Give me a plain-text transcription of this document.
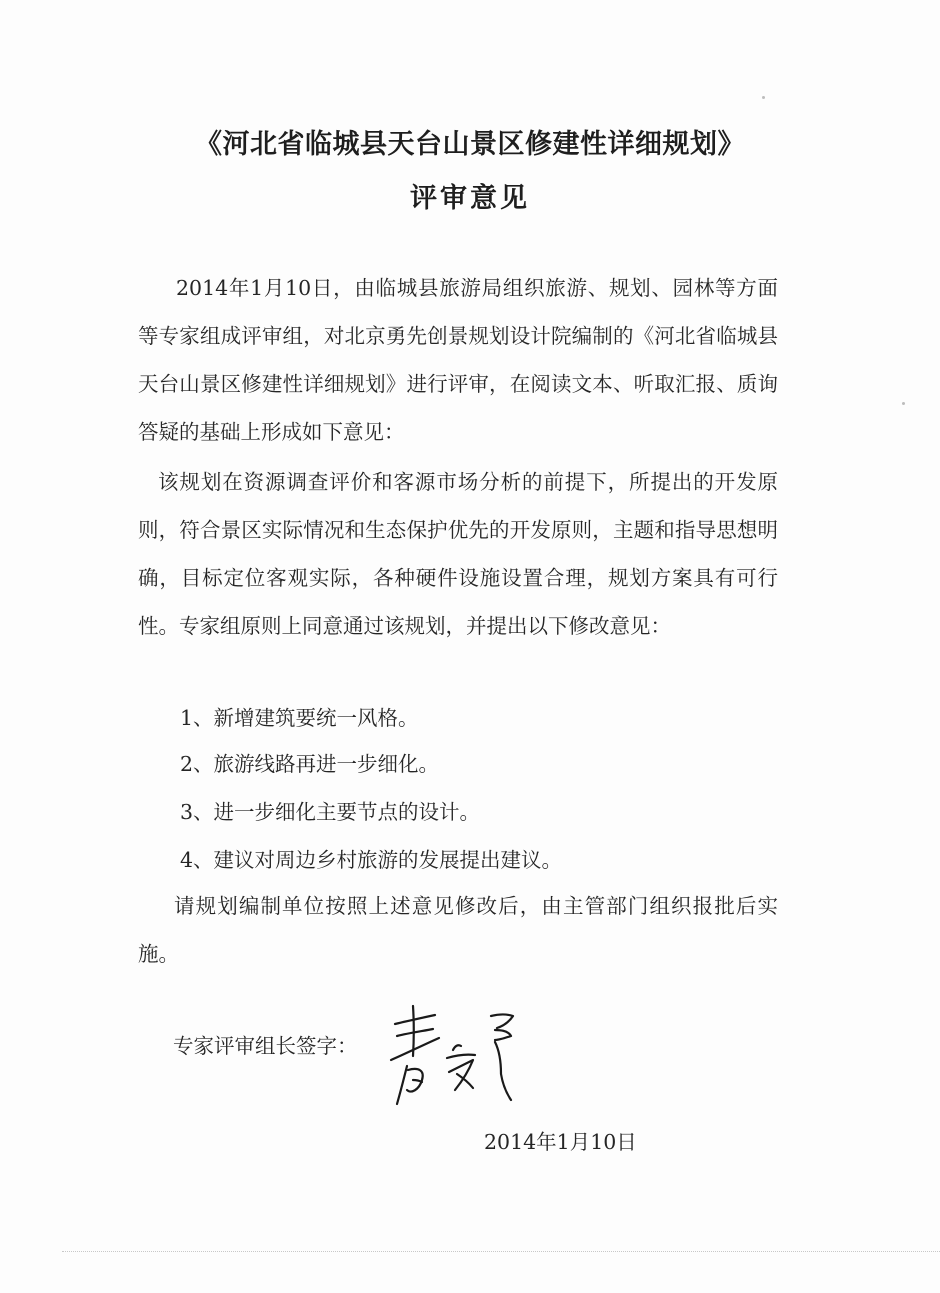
《河北省临城县天台山景区修建性详细规划》
评审意见

2014年1月10日，由临城县旅游局组织旅游、规划、园林等方面等专家组成评审组，对北京勇先创景规划设计院编制的《河北省临城县天台山景区修建性详细规划》进行评审，在阅读文本、听取汇报、质询答疑的基础上形成如下意见：

该规划在资源调查评价和客源市场分析的前提下，所提出的开发原则，符合景区实际情况和生态保护优先的开发原则，主题和指导思想明确，目标定位客观实际，各种硬件设施设置合理，规划方案具有可行性。专家组原则上同意通过该规划，并提出以下修改意见：

1、新增建筑要统一风格。

2、旅游线路再进一步细化。

3、进一步细化主要节点的设计。

4、建议对周边乡村旅游的发展提出建议。

请规划编制单位按照上述意见修改后，由主管部门组织报批后实施。

专家评审组长签字：

2014年1月10日
